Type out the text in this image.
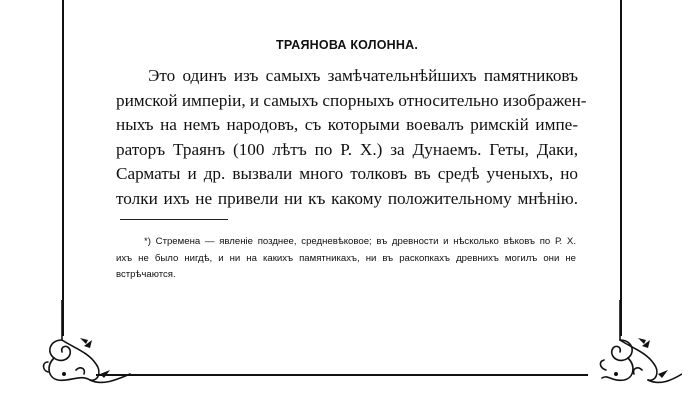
ТРАЯНОВА КОЛОННА.
Это одинъ изъ самыхъ замѣчательнѣйшихъ памятниковъ
римской имперіи, и самыхъ спорныхъ относительно изображен-
ныхъ на немъ народовъ, съ которыми воевалъ римскій импе-
раторъ Траянъ (100 лѣтъ по Р. Х.) за Дунаемъ. Геты, Даки,
Сарматы и др. вызвали много толковъ въ средѣ ученыхъ, но
толки ихъ не привели ни къ какому положительному мнѣнію.
*) Стремена — явленіе позднее, средневѣковое; въ древности и нѣсколько вѣковъ по Р. Х.
ихъ не было нигдѣ, и ни на какихъ памятникахъ, ни въ раскопкахъ древнихъ могилъ они не
встрѣчаются.
